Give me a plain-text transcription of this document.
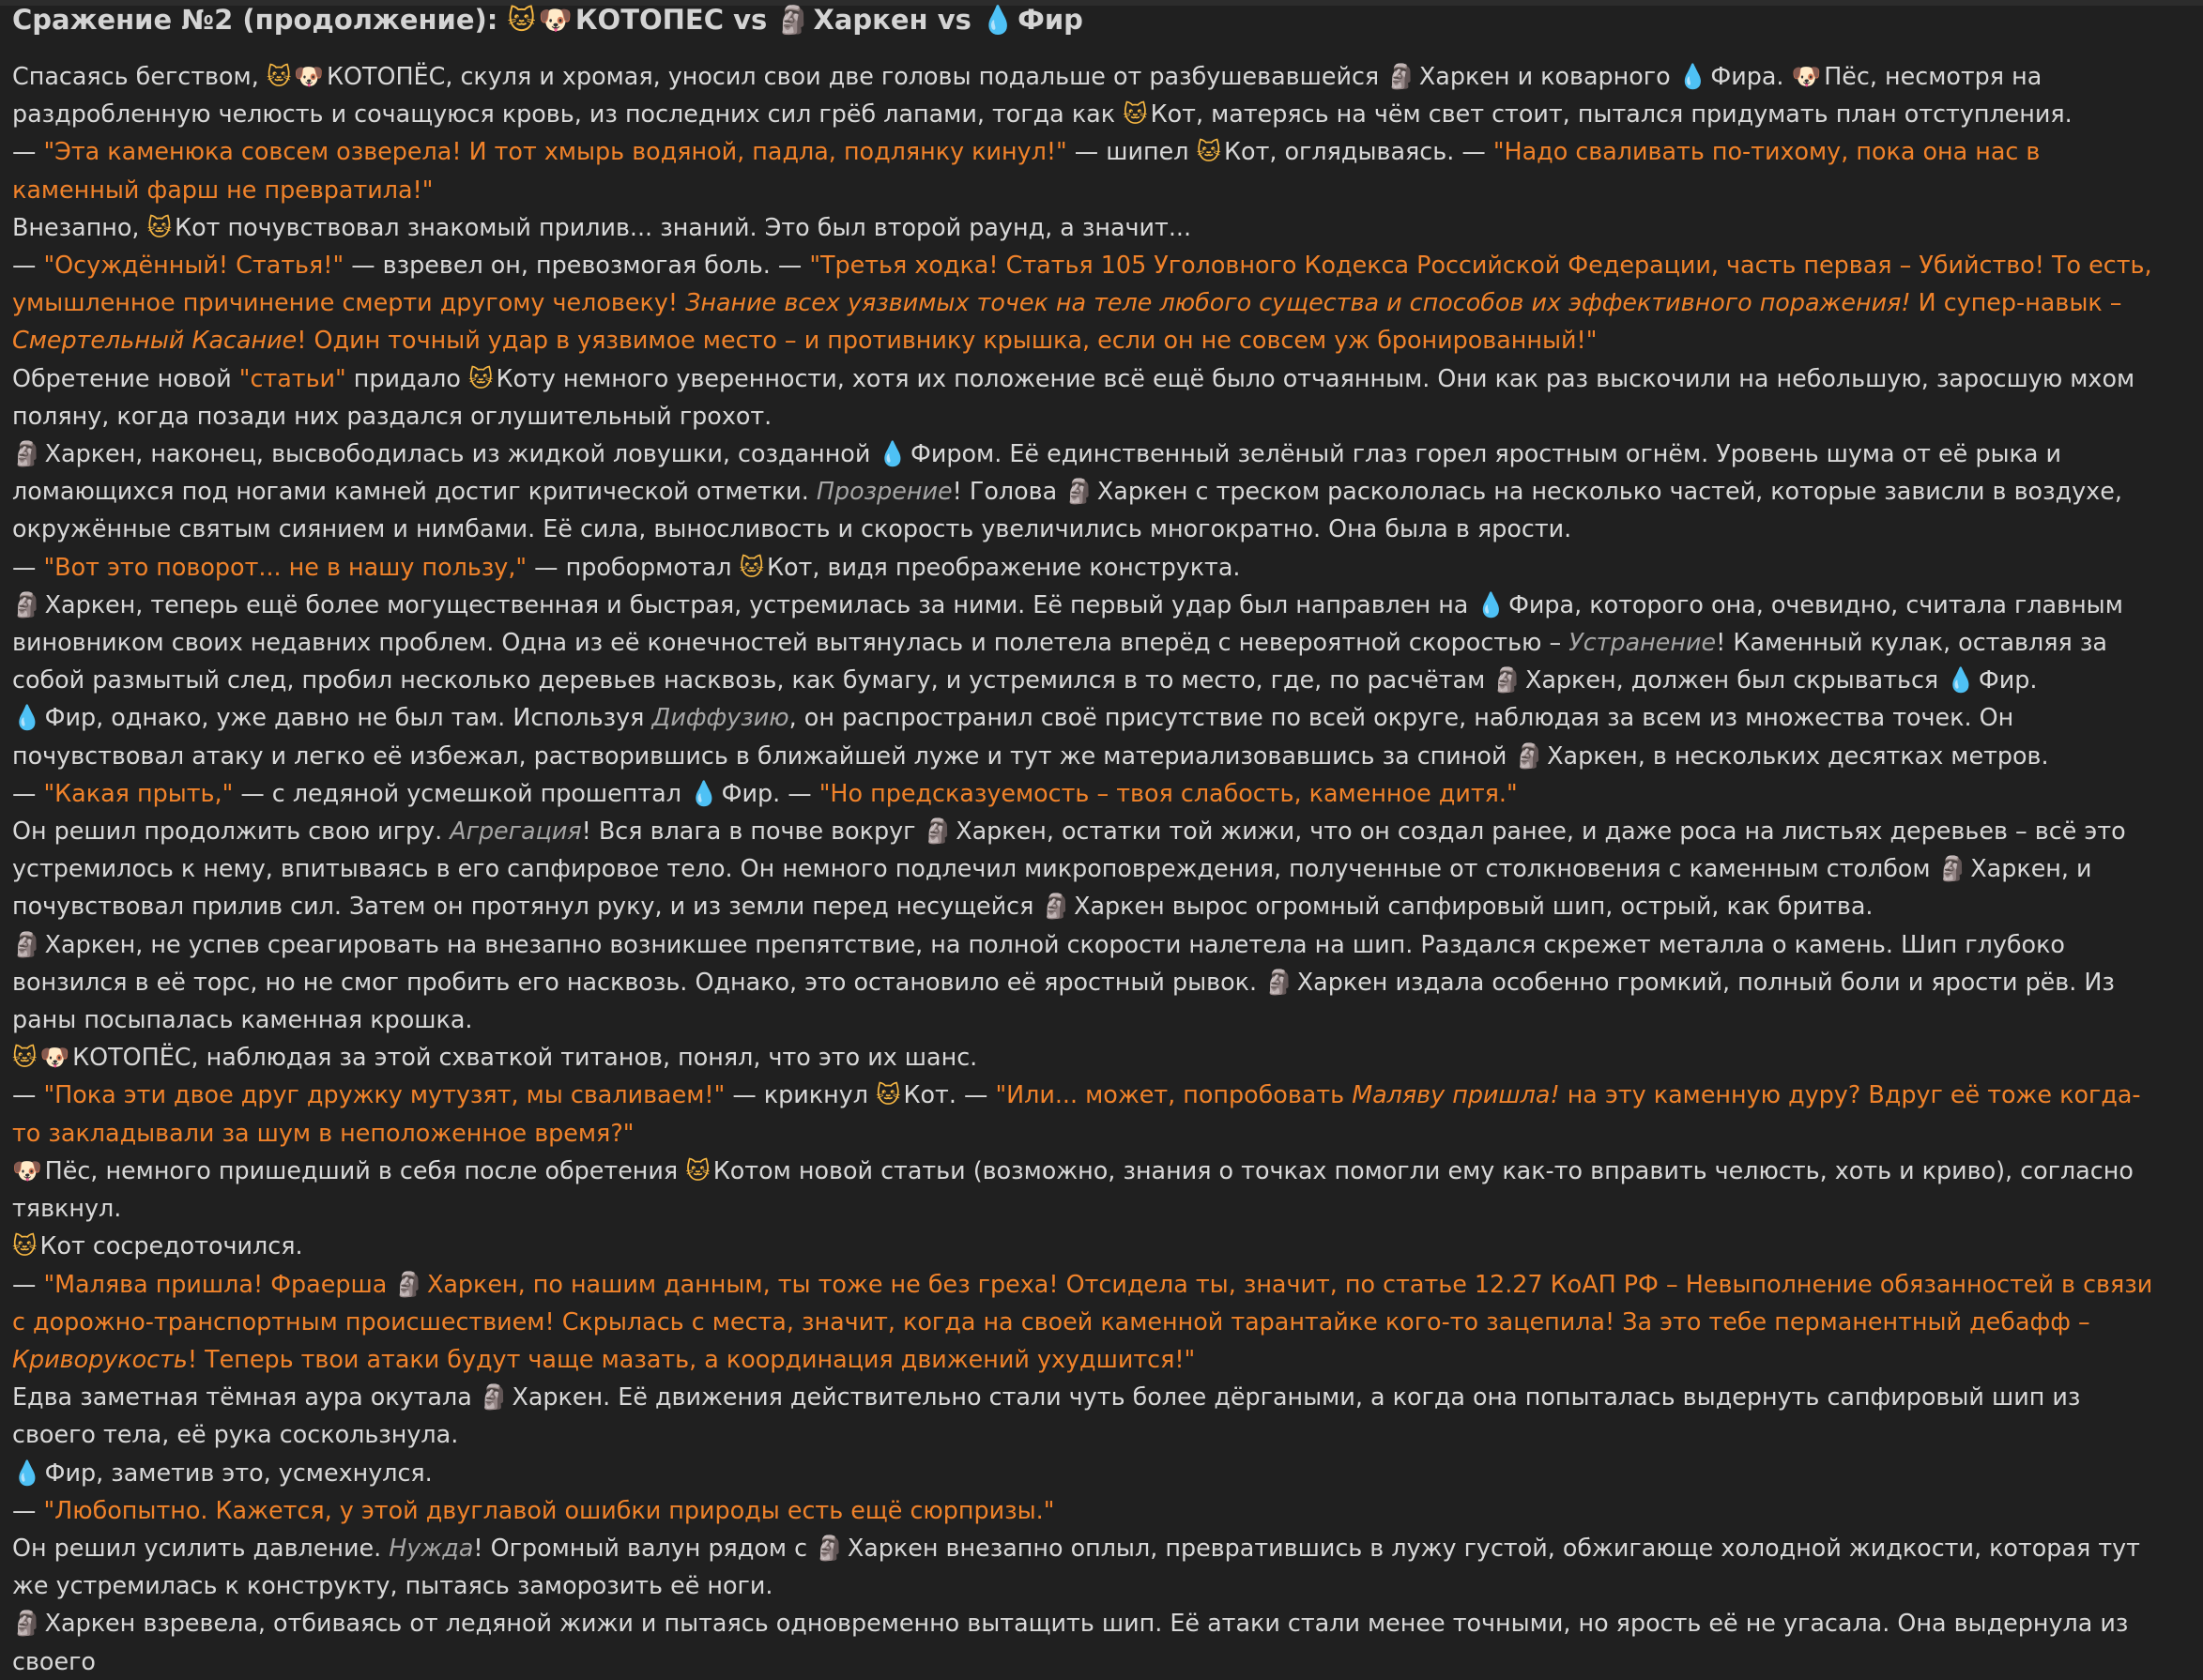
Сражение №2 (продолжение): 🐱 🐶 КОТОПЕС vs 🗿 Харкен vs 💧 Фир

Спасаясь бегством, 🐱 🐶 КОТОПЁС, скуля и хромая, уносил свои две головы подальше от разбушевавшейся 🗿 Харкен и коварного 💧 Фира. 🐶 Пёс, несмотря на раздробленную челюсть и сочащуюся кровь, из последних сил грёб лапами, тогда как 🐱 Кот, матерясь на чём свет стоит, пытался придумать план отступления.

— "Эта каменюка совсем озверела! И тот хмырь водяной, падла, подлянку кинул!" — шипел 🐱 Кот, оглядываясь. — "Надо сваливать по-тихому, пока она нас в каменный фарш не превратила!"

Внезапно, 🐱 Кот почувствовал знакомый прилив... знаний. Это был второй раунд, а значит...

— "Осуждённый! Статья!" — взревел он, превозмогая боль. — "Третья ходка! Статья 105 Уголовного Кодекса Российской Федерации, часть первая – Убийство! То есть, умышленное причинение смерти другому человеку! Знание всех уязвимых точек на теле любого существа и способов их эффективного поражения! И супер-навык – Смертельный Касание! Один точный удар в уязвимое место – и противнику крышка, если он не совсем уж бронированный!"

Обретение новой "статьи" придало 🐱 Коту немного уверенности, хотя их положение всё ещё было отчаянным. Они как раз выскочили на небольшую, заросшую мхом поляну, когда позади них раздался оглушительный грохот.

🗿 Харкен, наконец, высвободилась из жидкой ловушки, созданной 💧 Фиром. Её единственный зелёный глаз горел яростным огнём. Уровень шума от её рыка и ломающихся под ногами камней достиг критической отметки. Прозрение! Голова 🗿 Харкен с треском раскололась на несколько частей, которые зависли в воздухе, окружённые святым сиянием и нимбами. Её сила, выносливость и скорость увеличились многократно. Она была в ярости.

— "Вот это поворот... не в нашу пользу," — пробормотал 🐱 Кот, видя преображение конструкта.

🗿 Харкен, теперь ещё более могущественная и быстрая, устремилась за ними. Её первый удар был направлен на 💧 Фира, которого она, очевидно, считала главным виновником своих недавних проблем. Одна из её конечностей вытянулась и полетела вперёд с невероятной скоростью – Устранение! Каменный кулак, оставляя за собой размытый след, пробил несколько деревьев насквозь, как бумагу, и устремился в то место, где, по расчётам 🗿 Харкен, должен был скрываться 💧 Фир.

💧 Фир, однако, уже давно не был там. Используя Диффузию, он распространил своё присутствие по всей округе, наблюдая за всем из множества точек. Он почувствовал атаку и легко её избежал, растворившись в ближайшей луже и тут же материализовавшись за спиной 🗿 Харкен, в нескольких десятках метров.

— "Какая прыть," — с ледяной усмешкой прошептал 💧 Фир. — "Но предсказуемость – твоя слабость, каменное дитя."

Он решил продолжить свою игру. Агрегация! Вся влага в почве вокруг 🗿 Харкен, остатки той жижи, что он создал ранее, и даже роса на листьях деревьев – всё это устремилось к нему, впитываясь в его сапфировое тело. Он немного подлечил микроповреждения, полученные от столкновения с каменным столбом 🗿 Харкен, и почувствовал прилив сил. Затем он протянул руку, и из земли перед несущейся 🗿 Харкен вырос огромный сапфировый шип, острый, как бритва.

🗿 Харкен, не успев среагировать на внезапно возникшее препятствие, на полной скорости налетела на шип. Раздался скрежет металла о камень. Шип глубоко вонзился в её торс, но не смог пробить его насквозь. Однако, это остановило её яростный рывок. 🗿 Харкен издала особенно громкий, полный боли и ярости рёв. Из раны посыпалась каменная крошка.

🐱 🐶 КОТОПЁС, наблюдая за этой схваткой титанов, понял, что это их шанс.

— "Пока эти двое друг дружку мутузят, мы сваливаем!" — крикнул 🐱 Кот. — "Или... может, попробовать Маляву пришла! на эту каменную дуру? Вдруг её тоже когда-то закладывали за шум в неположенное время?"

🐶 Пёс, немного пришедший в себя после обретения 🐱 Котом новой статьи (возможно, знания о точках помогли ему как-то вправить челюсть, хоть и криво), согласно тявкнул.

🐱 Кот сосредоточился.

— "Малява пришла! Фраерша 🗿 Харкен, по нашим данным, ты тоже не без греха! Отсидела ты, значит, по статье 12.27 КоАП РФ – Невыполнение обязанностей в связи с дорожно-транспортным происшествием! Скрылась с места, значит, когда на своей каменной тарантайке кого-то зацепила! За это тебе перманентный дебафф – Криворукость! Теперь твои атаки будут чаще мазать, а координация движений ухудшится!"

Едва заметная тёмная аура окутала 🗿 Харкен. Её движения действительно стали чуть более дёргаными, а когда она попыталась выдернуть сапфировый шип из своего тела, её рука соскользнула.

💧 Фир, заметив это, усмехнулся.

— "Любопытно. Кажется, у этой двуглавой ошибки природы есть ещё сюрпризы."

Он решил усилить давление. Нужда! Огромный валун рядом с 🗿 Харкен внезапно оплыл, превратившись в лужу густой, обжигающе холодной жидкости, которая тут же устремилась к конструкту, пытаясь заморозить её ноги.

🗿 Харкен взревела, отбиваясь от ледяной жижи и пытаясь одновременно вытащить шип. Её атаки стали менее точными, но ярость её не угасала. Она выдернула из своего
